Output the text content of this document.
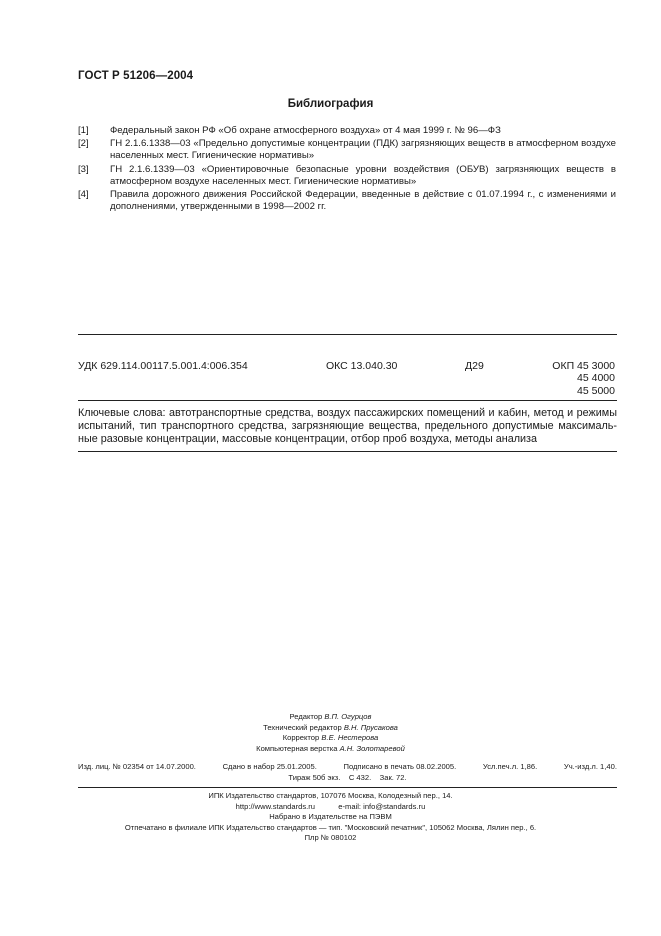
ГОСТ Р 51206—2004
Библиография
[1]	Федеральный закон РФ «Об охране атмосферного воздуха» от 4 мая 1999 г. № 96—ФЗ
[2]	ГН 2.1.6.1338—03 «Предельно допустимые концентрации (ПДК) загрязняющих веществ в атмосферном воздухе населенных мест. Гигиенические нормативы»
[3]	ГН 2.1.6.1339—03 «Ориентировочные безопасные уровни воздействия (ОБУВ) загрязняющих веществ в атмосферном воздухе населенных мест. Гигиенические нормативы»
[4]	Правила дорожного движения Российской Федерации, введенные в действие с 01.07.1994 г., с изменениями и дополнениями, утвержденными в 1998—2002 гг.
УДК 629.114.00117.5.001.4:006.354	ОКС 13.040.30	Д29	ОКП 45 3000
45 4000
45 5000
Ключевые слова: автотранспортные средства, воздух пассажирских помещений и кабин, метод и режимы испытаний, тип транспортного средства, загрязняющие вещества, предельного допустимые максималь-ные разовые концентрации, массовые концентрации, отбор проб воздуха, методы анализа
Редактор В.П. Огурцов
Технический редактор В.Н. Прусакова
Корректор В.Е. Нестерова
Компьютерная верстка А.Н. Золотаревой
Изд. лиц. № 02354 от 14.07.2000.	Сдано в набор 25.01.2005.	Подписано в печать 08.02.2005.	Усл.печ.л. 1,86.	Уч.-изд.л. 1,40.
Тираж 50б экз. С 432. Зак. 72.
ИПК Издательство стандартов, 107076 Москва, Колодезный пер., 14.
http://www.standards.ru	e-mail: info@standards.ru
Набрано в Издательстве на ПЭВМ
Отпечатано в филиале ИПК Издательство стандартов — тип. "Московский печатник", 105062 Москва, Лялин пер., 6.
Плр № 080102
